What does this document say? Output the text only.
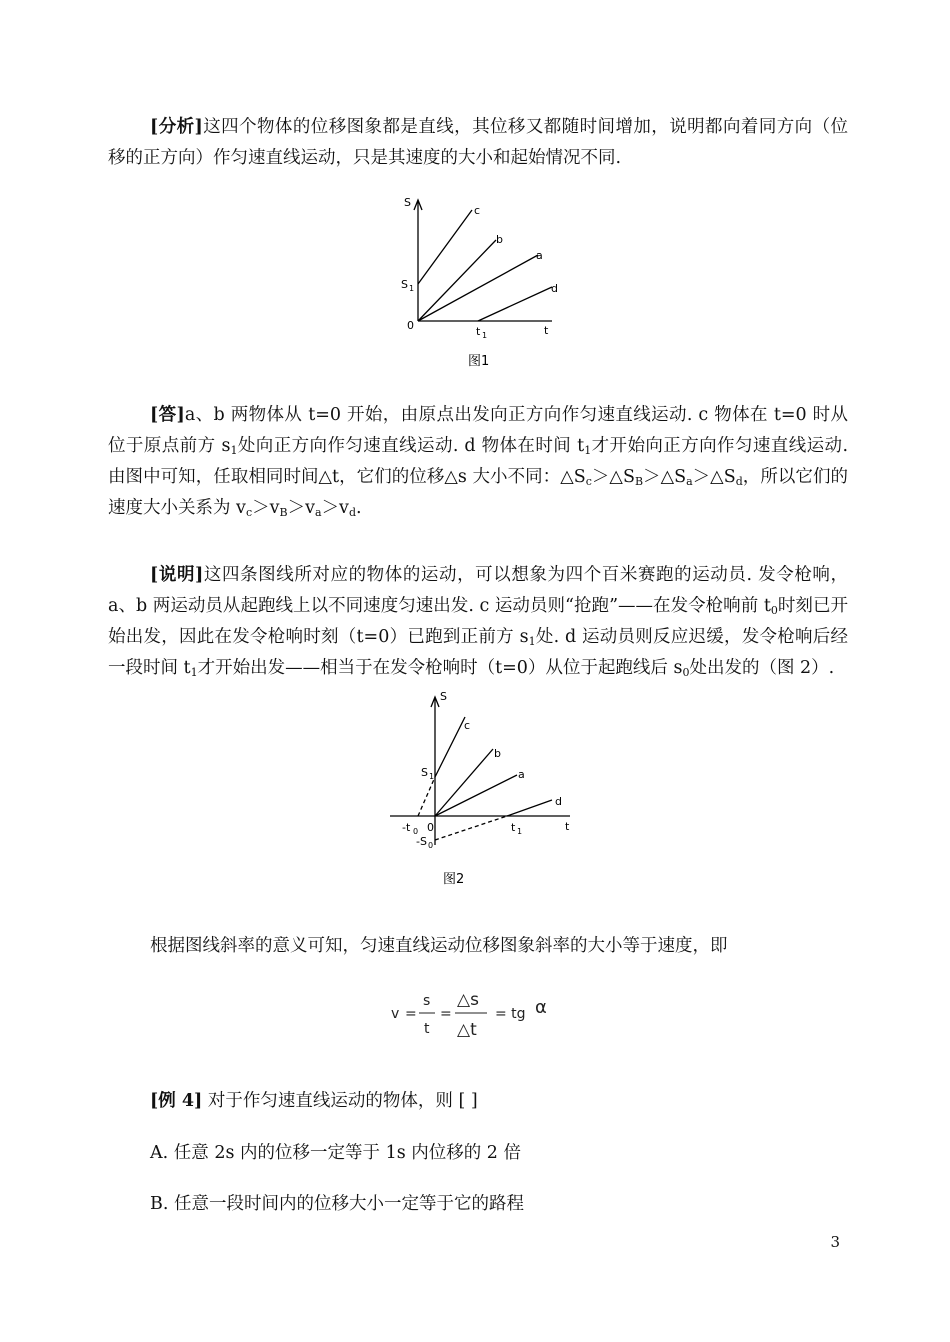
[分析]这四个物体的位移图象都是直线，其位移又都随时间增加，说明都向着同方向（位移的正方向）作匀速直线运动，只是其速度的大小和起始情况不同.
S
c
b
a
d
S 1
0	t 1	t
图1
[答]a、b 两物体从 t=0 开始，由原点出发向正方向作匀速直线运动. c 物体在 t=0 时从位于原点前方 $s_1$处向正方向作匀速直线运动. d 物体在时间 $t_1$才开始向正方向作匀速直线运动. 由图中可知，任取相同时间△t，它们的位移△s 大小不同：$\triangle S_c>\triangle S_B>\triangle S_a>\triangle S_d$，所以它们的速度大小关系为 $v_c>v_B>v_a>v_d$.
[说明]这四条图线所对应的物体的运动，可以想象为四个百米赛跑的运动员. 发令枪响，a、b 两运动员从起跑线上以不同速度匀速出发. c 运动员则“抢跑”——在发令枪响前 $t_0$时刻已开始出发，因此在发令枪响时刻（t=0）已跑到正前方 $s_1$处. d 运动员则反应迟缓，发令枪响后经一段时间 $t_1$才开始出发——相当于在发令枪响时（t=0）从位于起跑线后 $s_0$处出发的（图 2）.
S
c
b
a
d
S 1
-t 0 0
-S 0
t 1	t
图2
根据图线斜率的意义可知，匀速直线运动位移图象斜率的大小等于速度，即
v =
s
t
=
△s
△t
= tg α
[例 4] 对于作匀速直线运动的物体，则 [ ]
A. 任意 2s 内的位移一定等于 1s 内位移的 2 倍
B. 任意一段时间内的位移大小一定等于它的路程
3
